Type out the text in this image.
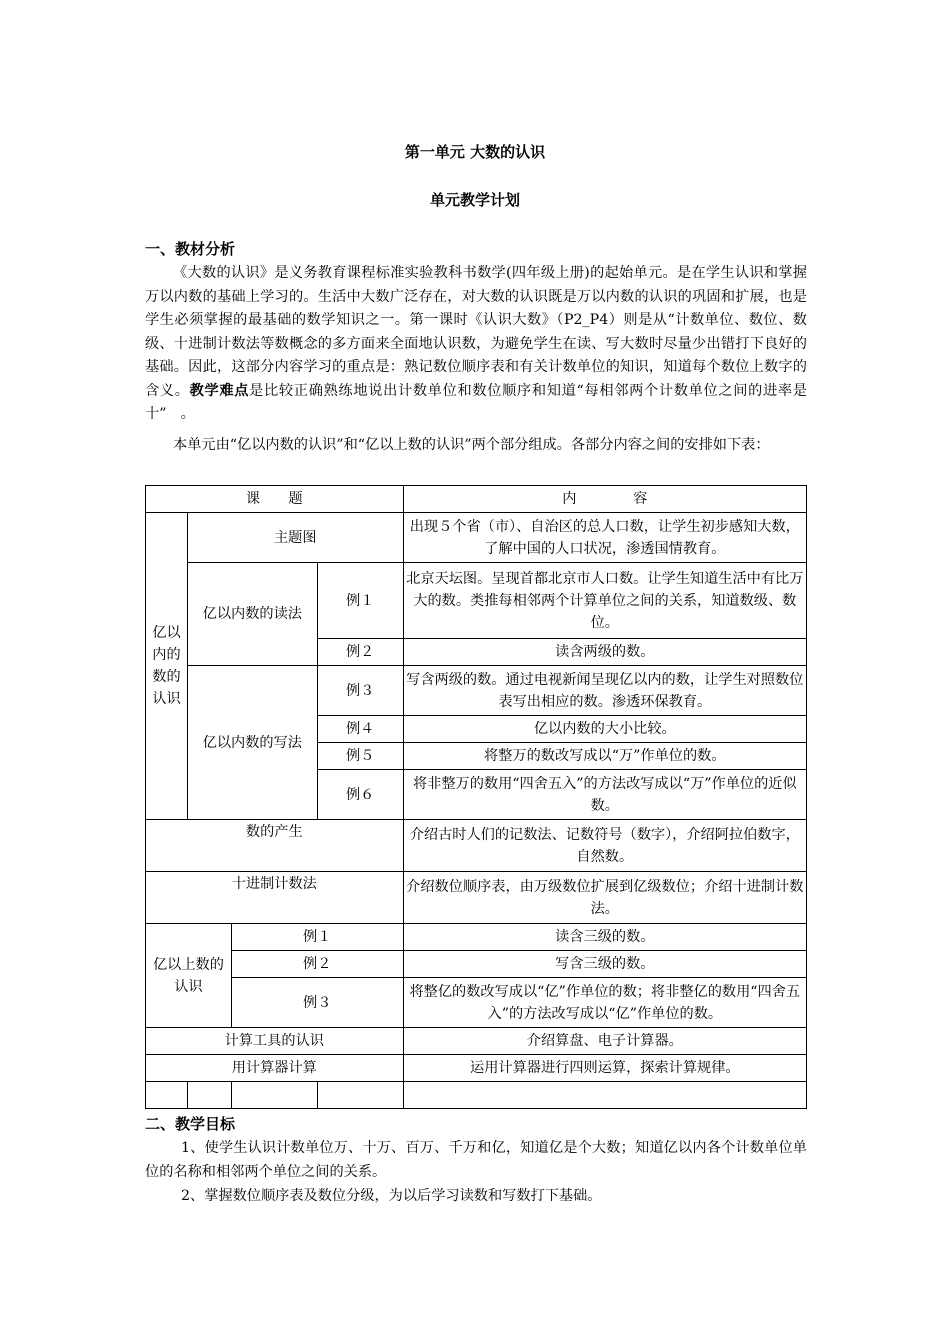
第一单元 大数的认识
单元教学计划
一、教材分析

《大数的认识》是义务教育课程标准实验教科书数学(四年级上册)的起始单元。是在学生认识和掌握万以内数的基础上学习的。生活中大数广泛存在，对大数的认识既是万以内数的认识的巩固和扩展，也是学生必须掌握的最基础的数学知识之一。第一课时《认识大数》（P2_P4）则是从“计数单位、数位、数级、十进制计数法等数概念的多方面来全面地认识数，为避免学生在读、写大数时尽量少出错打下良好的基础。因此，这部分内容学习的重点是：熟记数位顺序表和有关计数单位的知识，知道每个数位上数字的含义。教学难点是比较正确熟练地说出计数单位和数位顺序和知道“每相邻两个计数单位之间的进率是　十”　。

本单元由“亿以内数的认识”和“亿以上数的认识”两个部分组成。各部分内容之间的安排如下表：

课　　题				内　　　　容
亿以内的数的认识	主题图			出现５个省（市）、自治区的总人口数，让学生初步感知大数，了解中国的人口状况，渗透国情教育。
	亿以内数的读法		例１	北京天坛图。呈现首都北京市人口数。让学生知道生活中有比万大的数。类推每相邻两个计算单位之间的关系，知道数级、数位。
			例２	读含两级的数。
	亿以内数的写法		例３	写含两级的数。通过电视新闻呈现亿以内的数，让学生对照数位表写出相应的数。渗透环保教育。
			例４	亿以内数的大小比较。
			例５	将整万的数改写成以“万”作单位的数。
			例６	将非整万的数用“四舍五入”的方法改写成以“万”作单位的近似数。
数的产生				介绍古时人们的记数法、记数符号（数字），介绍阿拉伯数字，自然数。
十进制计数法				介绍数位顺序表，由万级数位扩展到亿级数位；介绍十进制计数法。
亿以上数的认识		例１		读含三级的数。
		例２		写含三级的数。
		例３		将整亿的数改写成以“亿”作单位的数；将非整亿的数用“四舍五入”的方法改写成以“亿”作单位的数。
计算工具的认识				介绍算盘、电子计算器。
用计算器计算				运用计算器进行四则运算，探索计算规律。

二、教学目标

1、使学生认识计数单位万、十万、百万、千万和亿，知道亿是个大数；知道亿以内各个计数单位单位的名称和相邻两个单位之间的关系。

2、掌握数位顺序表及数位分级，为以后学习读数和写数打下基础。
